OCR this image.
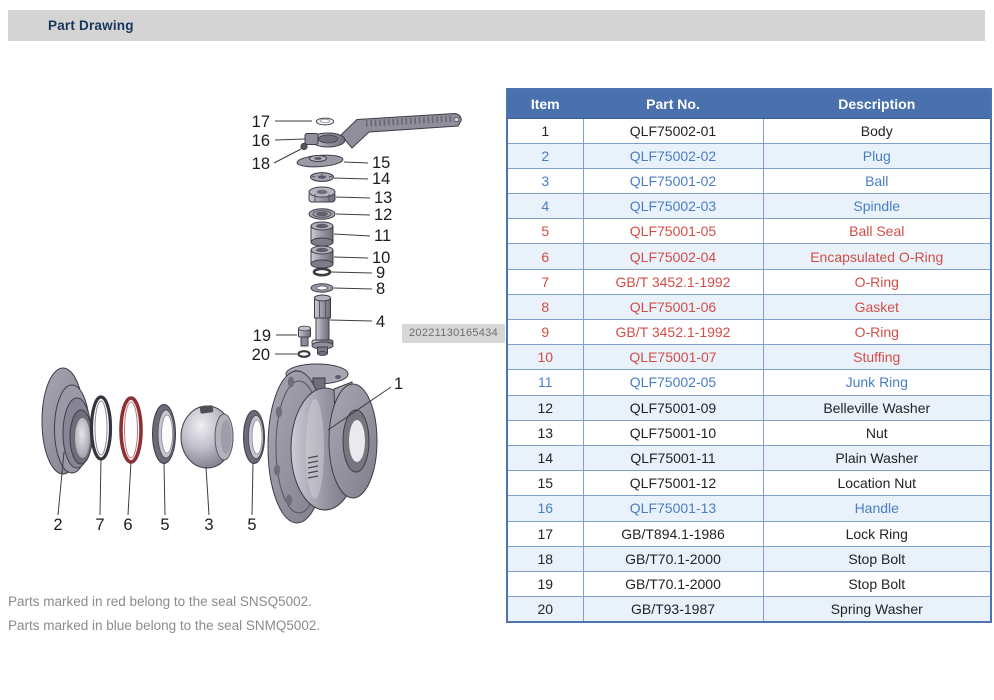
Part Drawing
17
16
18	15
14
13
12
11
10
9
8
4
19
20
1
2 7 6 5 3 5
20221130165434
Item	Part No.	Description
1	QLF75002-01	Body
2	QLF75002-02	Plug
3	QLF75001-02	Ball
4	QLF75002-03	Spindle
5	QLF75001-05	Ball Seal
6	QLF75002-04	Encapsulated O-Ring
7	GB/T 3452.1-1992	O-Ring
8	QLF75001-06	Gasket
9	GB/T 3452.1-1992	O-Ring
10	QLE75001-07	Stuffing
11	QLF75002-05	Junk Ring
12	QLF75001-09	Belleville Washer
13	QLF75001-10	Nut
14	QLF75001-11	Plain Washer
15	QLF75001-12	Location Nut
16	QLF75001-13	Handle
17	GB/T894.1-1986	Lock Ring
18	GB/T70.1-2000	Stop Bolt
19	GB/T70.1-2000	Stop Bolt
20	GB/T93-1987	Spring Washer
Parts marked in red belong to the seal SNSQ5002.
Parts marked in blue belong to the seal SNMQ5002.
